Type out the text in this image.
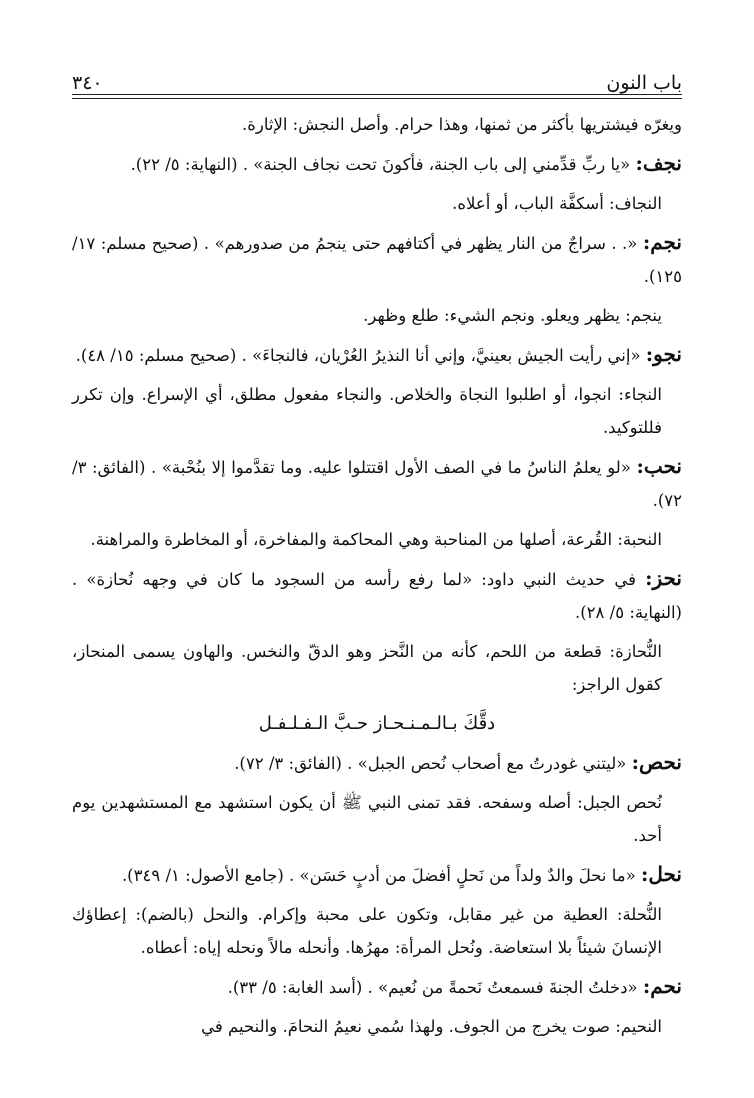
باب النون
٣٤٠

ويغرّه فيشتريها بأكثر من ثمنها، وهذا حرام. وأصل النجش: الإثارة.

نجف: «يا ربِّ قدِّمني إلى باب الجنة، فأكونَ تحت نجاف الجنة» . (النهاية: ٥/ ٢٢).

النجاف: أسكفَّة الباب، أو أعلاه.

نجم: «. . سراجٌ من النار يظهر في أكتافهم حتى ينجمُ من صدورهم» . (صحيح مسلم: ١٧/ ١٢٥).

ينجم: يظهر ويعلو. ونجم الشيء: طلع وظهر.

نجو: «إني رأيت الجيش بعينيَّ، وإني أنا النذيرُ العُرْيان، فالنجاءَ» . (صحيح مسلم: ١٥/ ٤٨).

النجاء: انجوا، أو اطلبوا النجاة والخلاص. والنجاء مفعول مطلق، أي الإسراع. وإن تكرر فللتوكيد.

نحب: «لو يعلمُ الناسُ ما في الصف الأول اقتتلوا عليه. وما تقدَّموا إلا بنُحْبة» . (الفائق: ٣/ ٧٢).

النحبة: القُرعة، أصلها من المناحبة وهي المحاكمة والمفاخرة، أو المخاطرة والمراهنة.

نحز: في حديث النبي داود: «لما رفع رأسه من السجود ما كان في وجهه نُحازة» . (النهاية: ٥/ ٢٨).

النُّحازة: قطعة من اللحم، كأنه من النَّحز وهو الدقّ والنخس. والهاون يسمى المنحاز، كقول الراجز:

دقَّكَ بـالـمـنـحـاز حـبَّ الـفـلـفـل

نحص: «ليتني غودرتُ مع أصحاب نُحص الجبل» . (الفائق: ٣/ ٧٢).

نُحص الجبل: أصله وسفحه. فقد تمنى النبي ﷺ أن يكون استشهد مع المستشهدين يوم أحد.

نحل: «ما نحلَ والدٌ ولداً من نَحلٍ أفضلَ من أدبٍ حَسَن» . (جامع الأصول: ١/ ٣٤٩).

النُّحلة: العطية من غير مقابل، وتكون على محبة وإكرام. والنحل (بالضم): إعطاؤك الإنسانَ شيئاً بلا استعاضة. ونُحل المرأة: مهرُها. وأنحله مالاً ونحله إياه: أعطاه.

نحم: «دخلتُ الجنةَ فسمعتُ نَحمةً من نُعيم» . (أسد الغابة: ٥/ ٣٣).

النحيم: صوت يخرج من الجوف. ولهذا سُمي نعيمُ النحامَ. والنحيم في
